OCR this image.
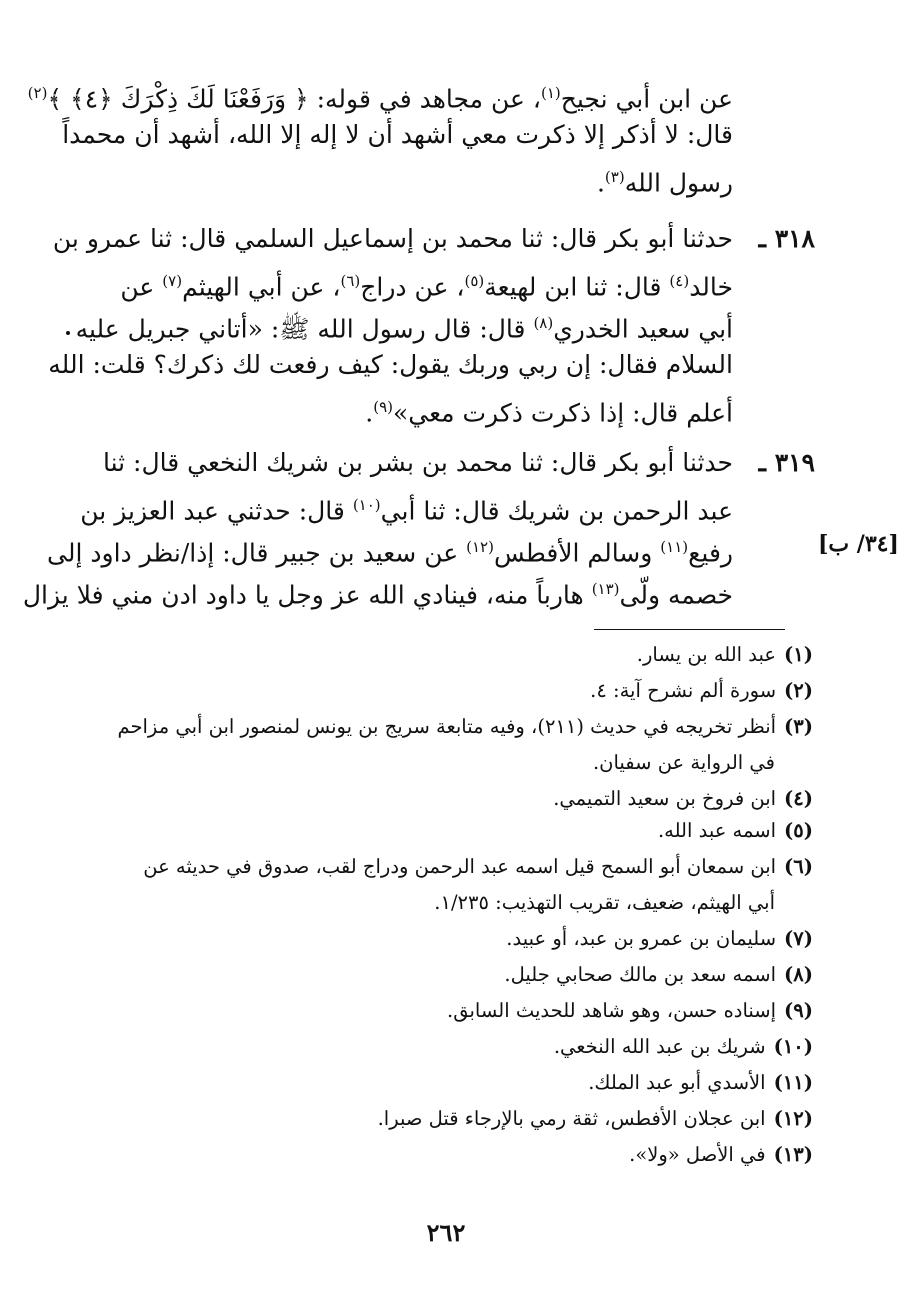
عن ابن أبي نجيح$^{(١)}$، عن مجاهد في قوله: ﴿ وَرَفَعْنَا لَكَ ذِكْرَكَ ﴿٤﴾ ﴾$^{(٢)}$
قال: لا أذكر إلا ذكرت معي أشهد أن لا إله إلا الله، أشهد أن محمداً
رسول الله$^{(٣)}$.
٣١٨ ـ
حدثنا أبو بكر قال: ثنا محمد بن إسماعيل السلمي قال: ثنا عمرو بن
خالد$^{(٤)}$ قال: ثنا ابن لهيعة$^{(٥)}$، عن دراج$^{(٦)}$، عن أبي الهيثم$^{(٧)}$ عن
أبي سعيد الخدري$^{(٨)}$ قال: قال رسول الله ﷺ: «أتاني جبريل عليه
السلام فقال: إن ربي وربك يقول: كيف رفعت لك ذكرك؟ قلت: الله
أعلم قال: إذا ذكرت ذكرت معي»$^{(٩)}$.
٣١٩ ـ
حدثنا أبو بكر قال: ثنا محمد بن بشر بن شريك النخعي قال: ثنا
عبد الرحمن بن شريك قال: ثنا أبي$^{(١٠)}$ قال: حدثني عبد العزيز بن
رفيع$^{(١١)}$ وسالم الأفطس$^{(١٢)}$ عن سعيد بن جبير قال: إذا/نظر داود إلى
خصمه ولّى$^{(١٣)}$ هارباً منه، فينادي الله عز وجل يا داود ادن مني فلا يزال
[٣٤/ ب]
(١)عبد الله بن يسار.
(٢)سورة ألم نشرح آية: ٤.
(٣)أنظر تخريجه في حديث (٢١١)، وفيه متابعة سريج بن يونس لمنصور ابن أبي مزاحم
في الرواية عن سفيان.
(٤)ابن فروخ بن سعيد التميمي.
(٥)اسمه عبد الله.
(٦)ابن سمعان أبو السمح قيل اسمه عبد الرحمن ودراج لقب، صدوق في حديثه عن
أبي الهيثم، ضعيف، تقريب التهذيب: ١/٢٣٥.
(٧)سليمان بن عمرو بن عبد، أو عبيد.
(٨)اسمه سعد بن مالك صحابي جليل.
(٩)إسناده حسن، وهو شاهد للحديث السابق.
(١٠)شريك بن عبد الله النخعي.
(١١)الأسدي أبو عبد الملك.
(١٢)ابن عجلان الأفطس، ثقة رمي بالإرجاء قتل صبرا.
(١٣)في الأصل «ولا».
٢٦٢
